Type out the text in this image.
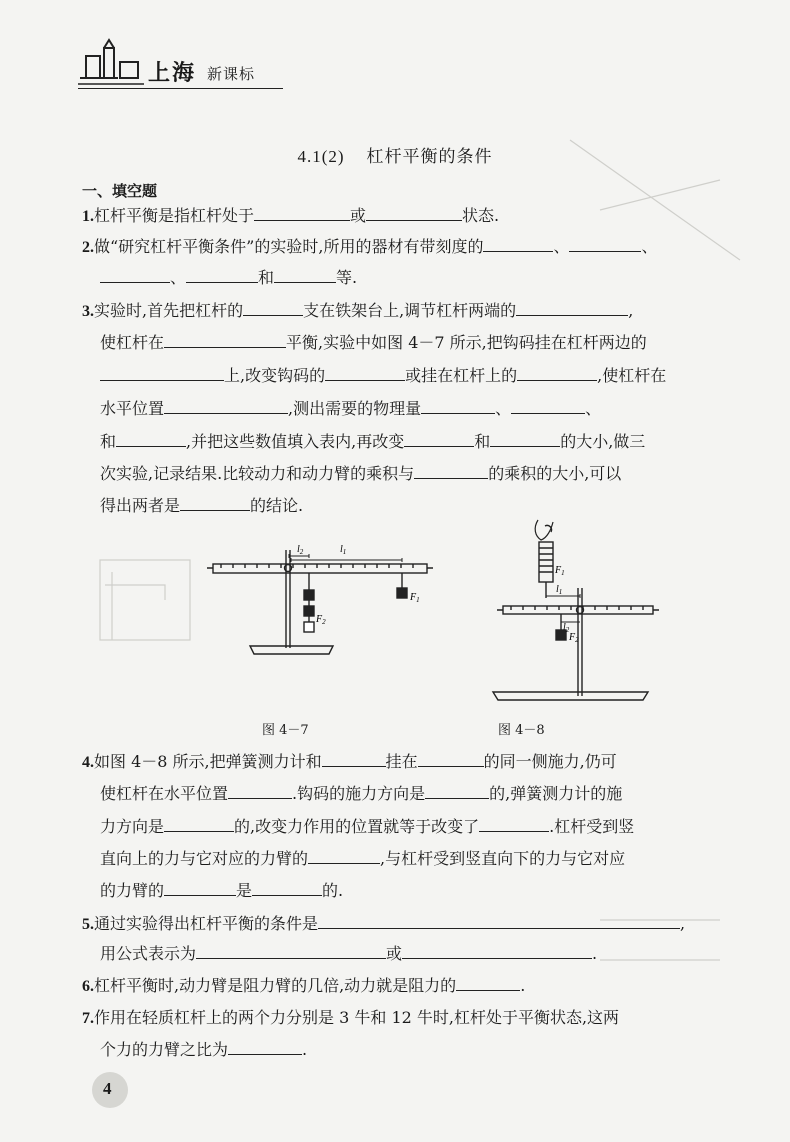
上海 新课标
4.1(2) 杠杆平衡的条件
一、填空题
1.杠杆平衡是指杠杆处于	或	状态.
2.做“研究杠杆平衡条件”的实验时,所用的器材有带刻度的	、	、
、	和	等.
3.实验时,首先把杠杆的	支在铁架台上,调节杠杆两端的	,
使杠杆在	平衡,实验中如图 4－7 所示,把钩码挂在杠杆两边的
上,改变钩码的	或挂在杠杆上的	,使杠杆在
水平位置	,测出需要的物理量	、	、
和	,并把这些数值填入表内,再改变	和	的大小,做三
次实验,记录结果.比较动力和动力臂的乘积与	的乘积的大小,可以
得出两者是	的结论.
$l_2$	$l_1$
$F_1$
$F_2$
$F_1$
$l_1$
$l_2$
$F_2$
图 4－7	图 4－8
4.如图 4－8 所示,把弹簧测力计和	挂在	的同一侧施力,仍可
使杠杆在水平位置	.钩码的施力方向是	的,弹簧测力计的施
力方向是	的,改变力作用的位置就等于改变了	.杠杆受到竖
直向上的力与它对应的力臂的	,与杠杆受到竖直向下的力与它对应
的力臂的	是	的.
5.通过实验得出杠杆平衡的条件是	,
用公式表示为	或	.
6.杠杆平衡时,动力臂是阻力臂的几倍,动力就是阻力的	.
7.作用在轻质杠杆上的两个力分别是 3 牛和 12 牛时,杠杆处于平衡状态,这两
个力的力臂之比为	.
4
